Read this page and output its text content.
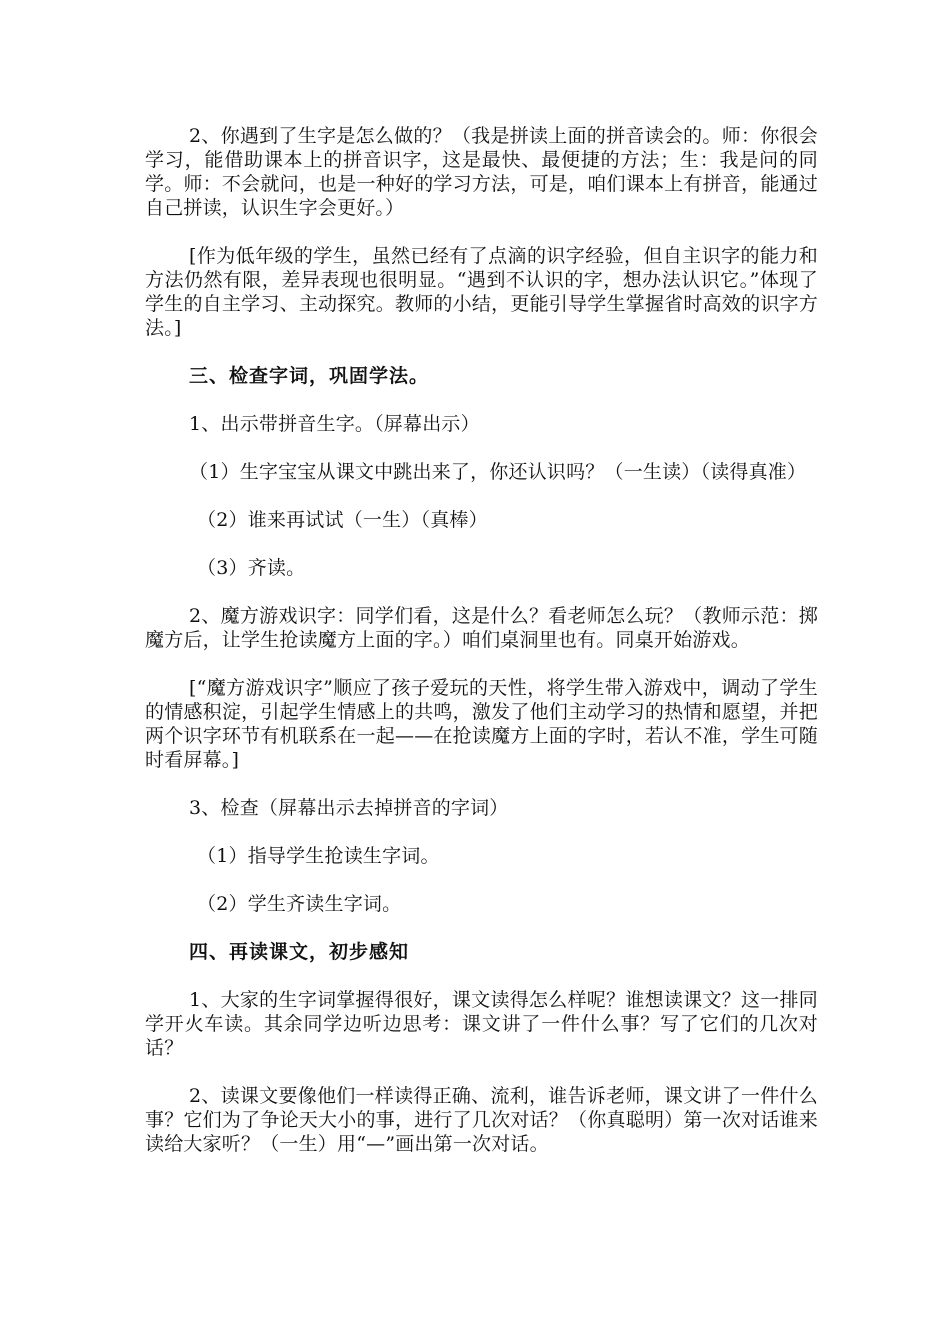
2、你遇到了生字是怎么做的？（我是拼读上面的拼音读会的。师：你很会学习，能借助课本上的拼音识字，这是最快、最便捷的方法；生：我是问的同学。师：不会就问，也是一种好的学习方法，可是，咱们课本上有拼音，能通过自己拼读，认识生字会更好。）

[作为低年级的学生，虽然已经有了点滴的识字经验，但自主识字的能力和方法仍然有限，差异表现也很明显。“遇到不认识的字，想办法认识它。”体现了学生的自主学习、主动探究。教师的小结，更能引导学生掌握省时高效的识字方法。]

三、检查字词，巩固学法。

1、出示带拼音生字。（屏幕出示）

（1）生字宝宝从课文中跳出来了，你还认识吗？（一生读）（读得真准）

（2）谁来再试试（一生）（真棒）

（3）齐读。

2、魔方游戏识字：同学们看，这是什么？看老师怎么玩？（教师示范：掷魔方后，让学生抢读魔方上面的字。）咱们桌洞里也有。同桌开始游戏。

[“魔方游戏识字”顺应了孩子爱玩的天性，将学生带入游戏中，调动了学生的情感积淀，引起学生情感上的共鸣，激发了他们主动学习的热情和愿望，并把两个识字环节有机联系在一起——在抢读魔方上面的字时，若认不准，学生可随时看屏幕。]

3、检查（屏幕出示去掉拼音的字词）

（1）指导学生抢读生字词。

（2）学生齐读生字词。

四、再读课文，初步感知

1、大家的生字词掌握得很好，课文读得怎么样呢？谁想读课文？这一排同学开火车读。其余同学边听边思考：课文讲了一件什么事？写了它们的几次对话？

2、读课文要像他们一样读得正确、流利，谁告诉老师，课文讲了一件什么事？它们为了争论天大小的事，进行了几次对话？（你真聪明）第一次对话谁来读给大家听？（一生）用“—”画出第一次对话。
